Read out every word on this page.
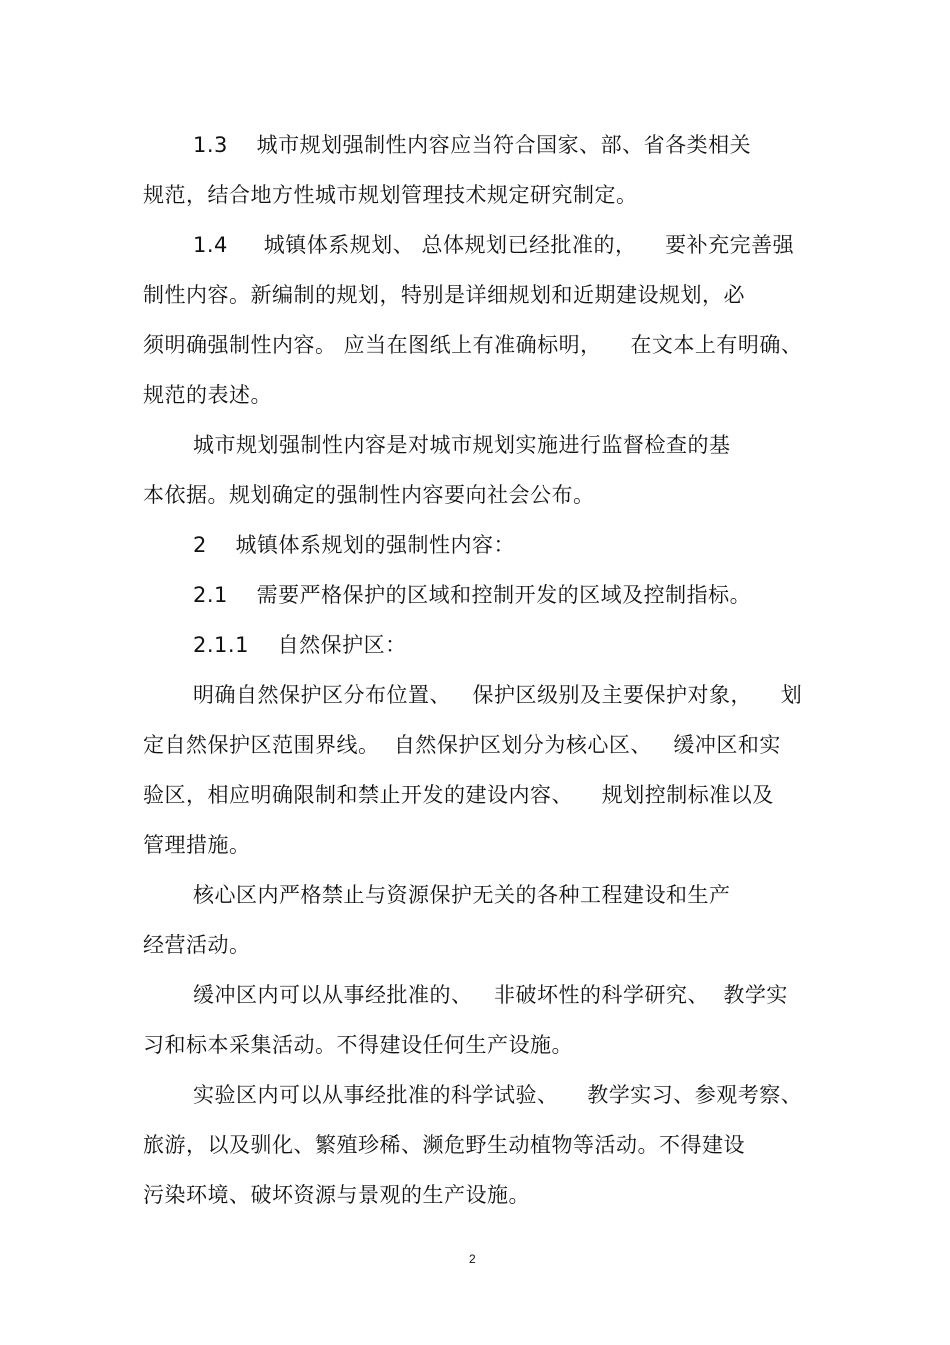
1.3    城市规划强制性内容应当符合国家、部、省各类相关
规范，结合地方性城市规划管理技术规定研究制定。
1.4     城镇体系规划、 总体规划已经批准的，    要补充完善强
制性内容。新编制的规划，特别是详细规划和近期建设规划，必
须明确强制性内容。 应当在图纸上有准确标明，    在文本上有明确、
规范的表述。
城市规划强制性内容是对城市规划实施进行监督检查的基
本依据。规划确定的强制性内容要向社会公布。
2    城镇体系规划的强制性内容：
2.1    需要严格保护的区域和控制开发的区域及控制指标。
2.1.1    自然保护区：
明确自然保护区分布位置、   保护区级别及主要保护对象，    划
定自然保护区范围界线。  自然保护区划分为核心区、   缓冲区和实
验区，相应明确限制和禁止开发的建设内容、    规划控制标准以及
管理措施。
核心区内严格禁止与资源保护无关的各种工程建设和生产
经营活动。
缓冲区内可以从事经批准的、   非破坏性的科学研究、  教学实
习和标本采集活动。不得建设任何生产设施。
实验区内可以从事经批准的科学试验、    教学实习、参观考察、
旅游，以及驯化、繁殖珍稀、濒危野生动植物等活动。不得建设
污染环境、破坏资源与景观的生产设施。
2
